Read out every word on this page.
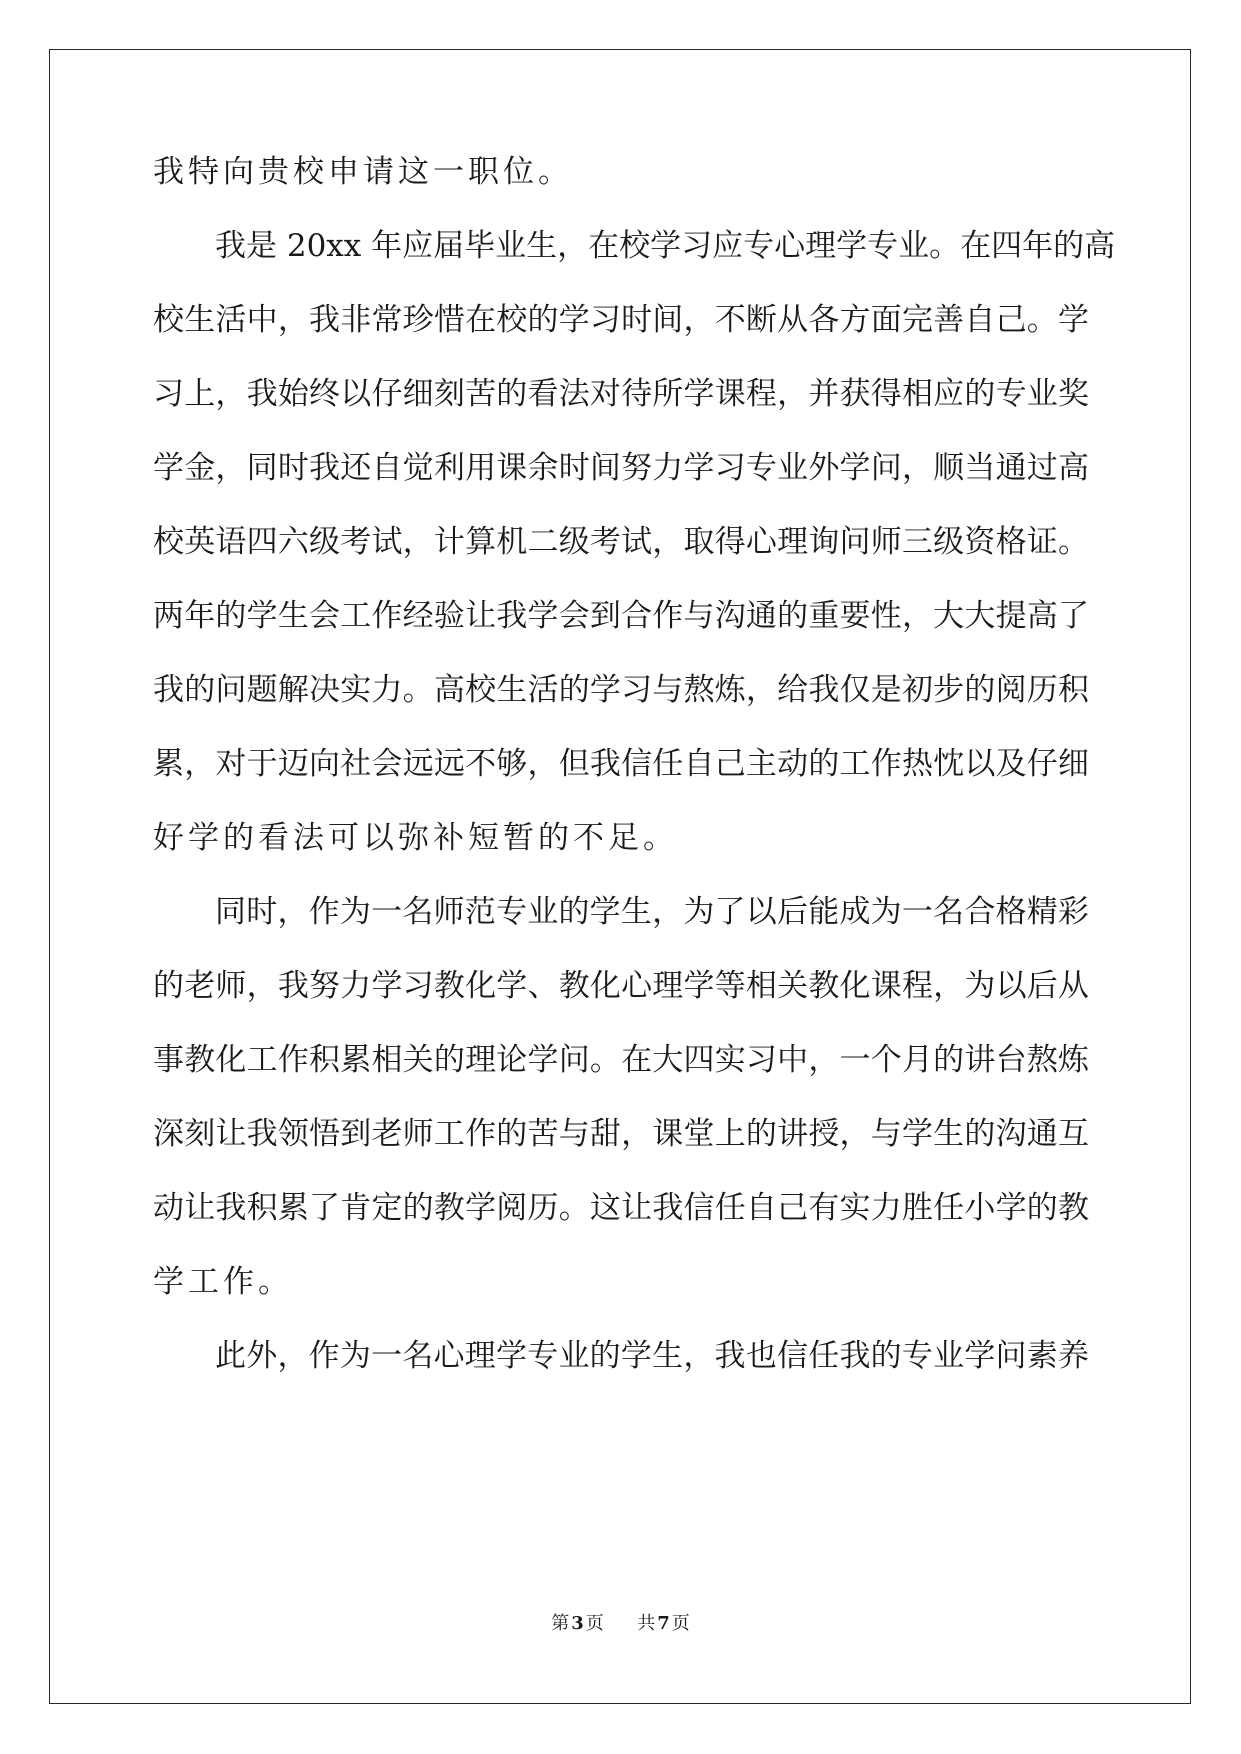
我特向贵校申请这一职位。
我是 20xx 年应届毕业生，在校学习应专心理学专业。在四年的高
校生活中，我非常珍惜在校的学习时间，不断从各方面完善自己。学
习上，我始终以仔细刻苦的看法对待所学课程，并获得相应的专业奖
学金，同时我还自觉利用课余时间努力学习专业外学问，顺当通过高
校英语四六级考试，计算机二级考试，取得心理询问师三级资格证。
两年的学生会工作经验让我学会到合作与沟通的重要性，大大提高了
我的问题解决实力。高校生活的学习与熬炼，给我仅是初步的阅历积
累，对于迈向社会远远不够，但我信任自己主动的工作热忱以及仔细
好学的看法可以弥补短暂的不足。
同时，作为一名师范专业的学生，为了以后能成为一名合格精彩
的老师，我努力学习教化学、教化心理学等相关教化课程，为以后从
事教化工作积累相关的理论学问。在大四实习中，一个月的讲台熬炼
深刻让我领悟到老师工作的苦与甜，课堂上的讲授，与学生的沟通互
动让我积累了肯定的教学阅历。这让我信任自己有实力胜任小学的教
学工作。
此外，作为一名心理学专业的学生，我也信任我的专业学问素养
第 3 页 共 7 页
